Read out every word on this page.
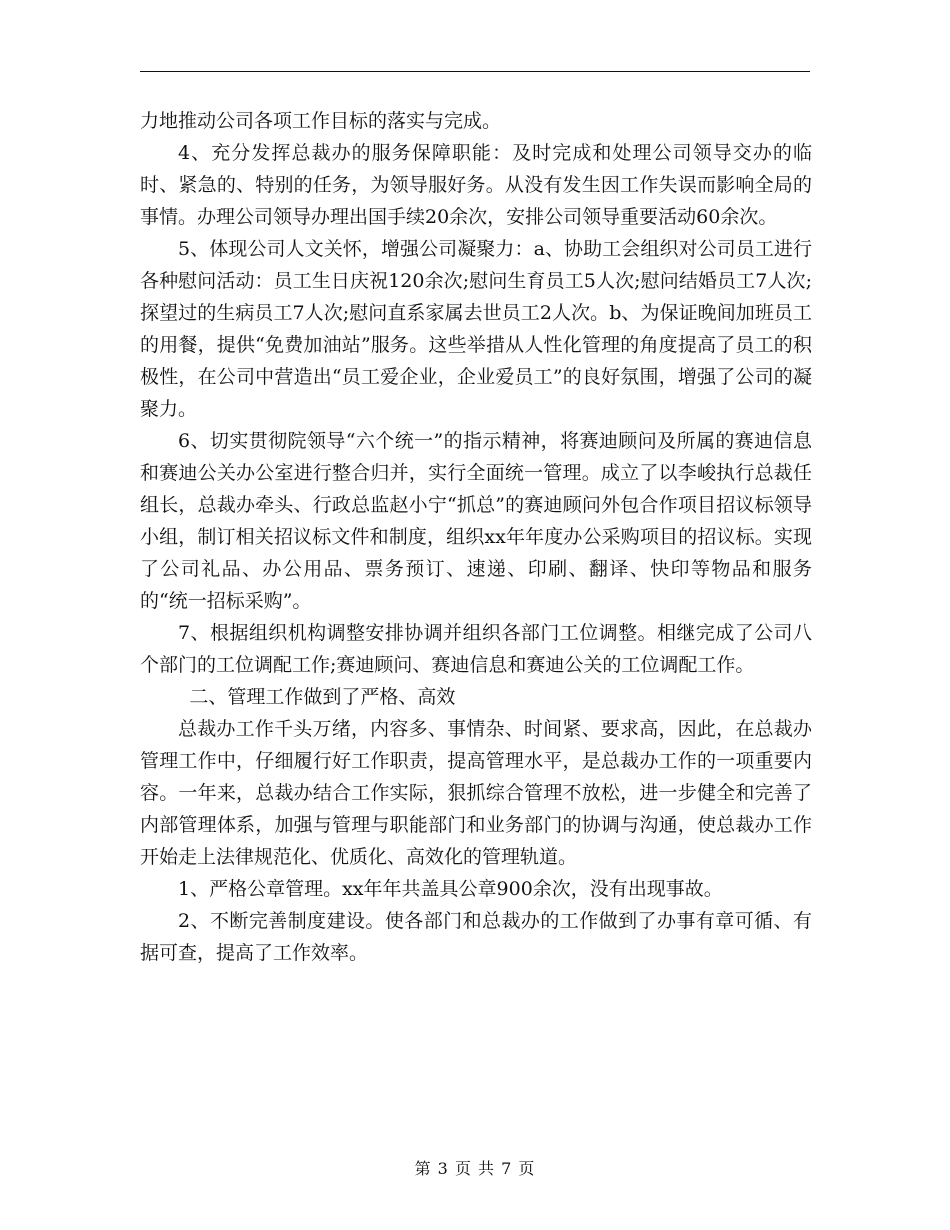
力地推动公司各项工作目标的落实与完成。

4、充分发挥总裁办的服务保障职能：及时完成和处理公司领导交办的临时、紧急的、特别的任务，为领导服好务。从没有发生因工作失误而影响全局的事情。办理公司领导办理出国手续20余次，安排公司领导重要活动60余次。

5、体现公司人文关怀，增强公司凝聚力：a、协助工会组织对公司员工进行各种慰问活动：员工生日庆祝120余次;慰问生育员工5人次;慰问结婚员工7人次;探望过的生病员工7人次;慰问直系家属去世员工2人次。b、为保证晚间加班员工的用餐，提供“免费加油站”服务。这些举措从人性化管理的角度提高了员工的积极性，在公司中营造出“员工爱企业，企业爱员工”的良好氛围，增强了公司的凝聚力。

6、切实贯彻院领导“六个统一”的指示精神，将赛迪顾问及所属的赛迪信息和赛迪公关办公室进行整合归并，实行全面统一管理。成立了以李峻执行总裁任组长，总裁办牵头、行政总监赵小宁“抓总”的赛迪顾问外包合作项目招议标领导小组，制订相关招议标文件和制度，组织xx年年度办公采购项目的招议标。实现了公司礼品、办公用品、票务预订、速递、印刷、翻译、快印等物品和服务的“统一招标采购”。

7、根据组织机构调整安排协调并组织各部门工位调整。相继完成了公司八个部门的工位调配工作;赛迪顾问、赛迪信息和赛迪公关的工位调配工作。

二、管理工作做到了严格、高效

总裁办工作千头万绪，内容多、事情杂、时间紧、要求高，因此，在总裁办管理工作中，仔细履行好工作职责，提高管理水平，是总裁办工作的一项重要内容。一年来，总裁办结合工作实际，狠抓综合管理不放松，进一步健全和完善了内部管理体系，加强与管理与职能部门和业务部门的协调与沟通，使总裁办工作开始走上法律规范化、优质化、高效化的管理轨道。

1、严格公章管理。xx年年共盖具公章900余次，没有出现事故。

2、不断完善制度建设。使各部门和总裁办的工作做到了办事有章可循、有据可查，提高了工作效率。

第 3 页 共 7 页
